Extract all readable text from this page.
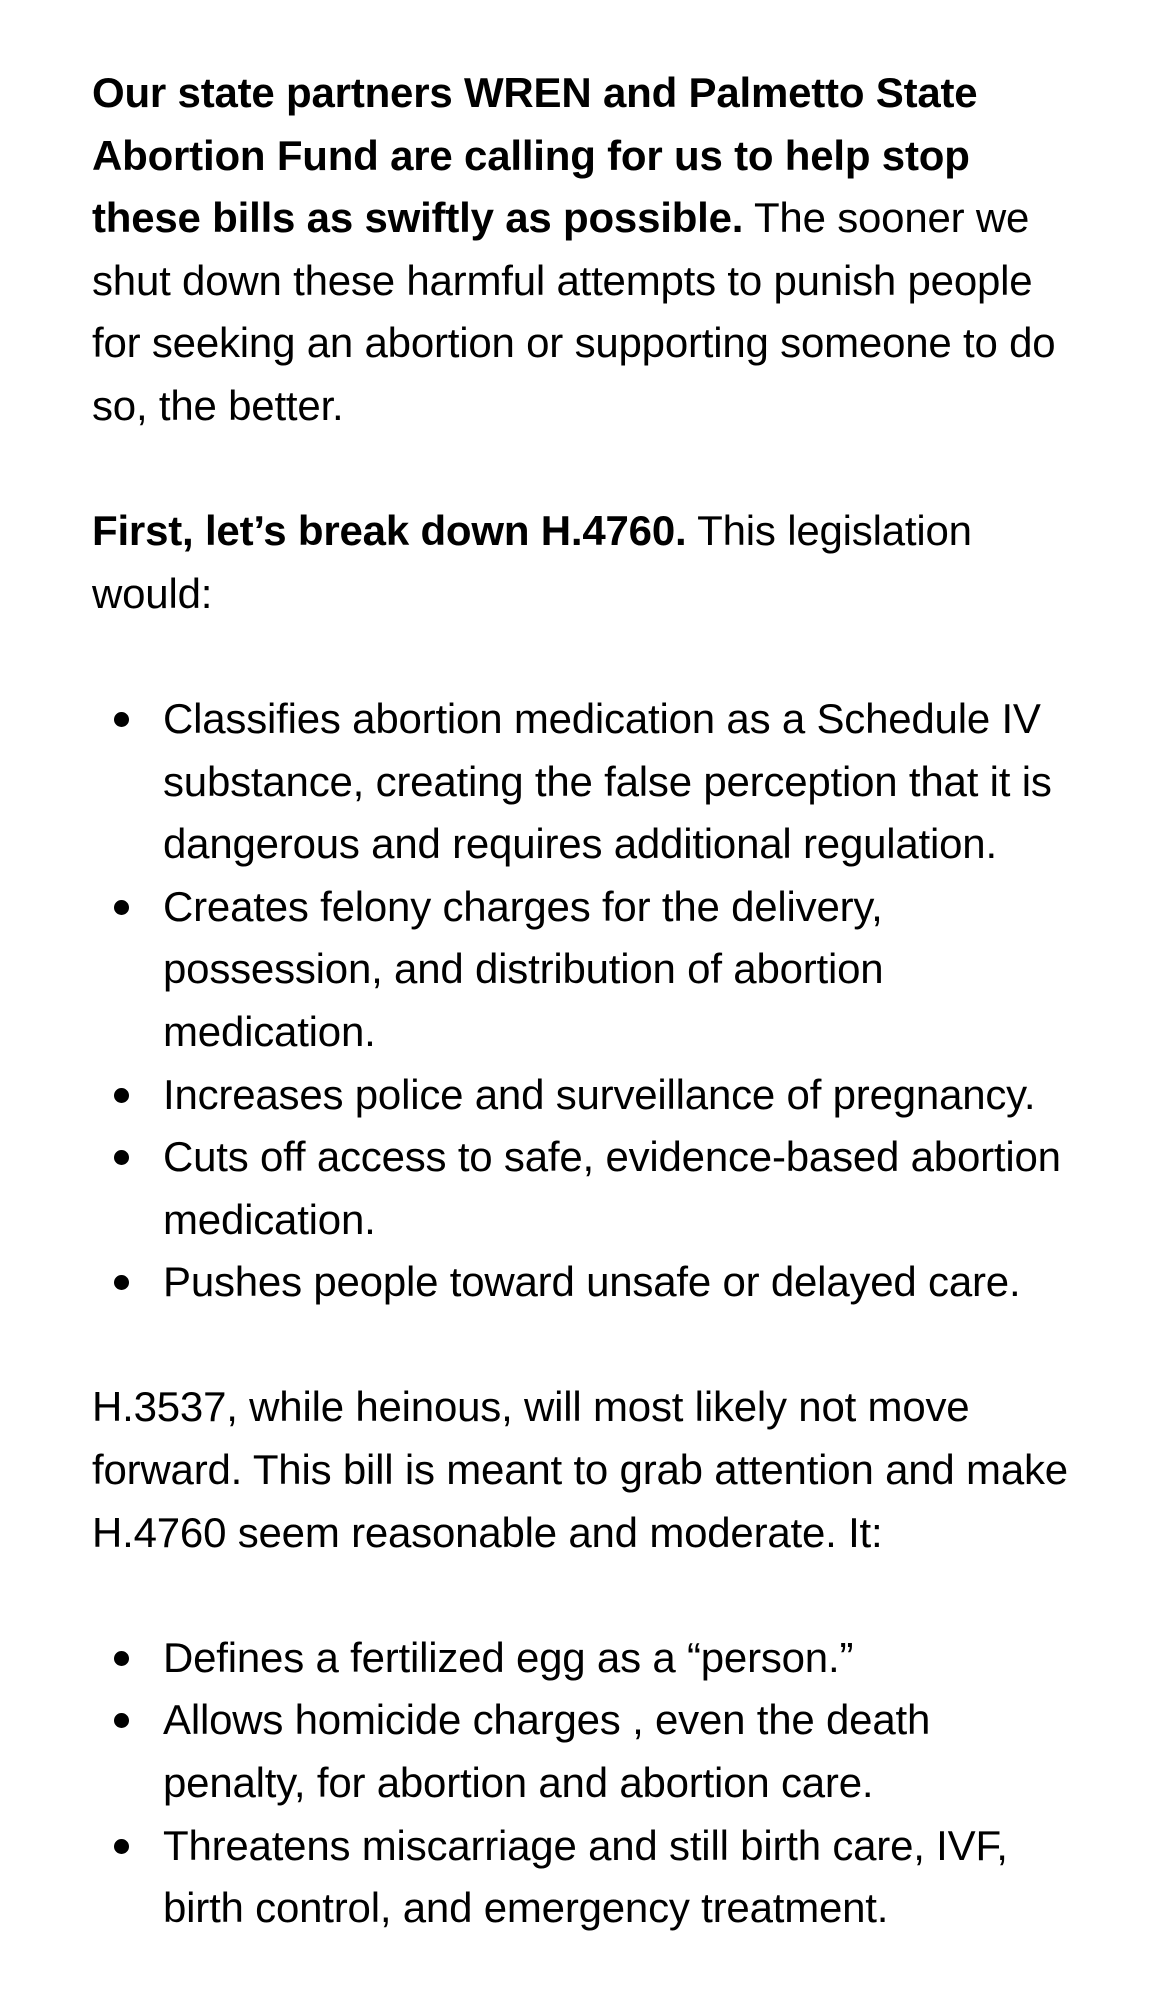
Our state partners WREN and Palmetto State
Abortion Fund are calling for us to help stop
these bills as swiftly as possible. The sooner we
shut down these harmful attempts to punish people
for seeking an abortion or supporting someone to do
so, the better.
First, let’s break down H.4760. This legislation
would:
Classifies abortion medication as a Schedule IV
substance, creating the false perception that it is
dangerous and requires additional regulation.
Creates felony charges for the delivery,
possession, and distribution of abortion
medication.
Increases police and surveillance of pregnancy.
Cuts off access to safe, evidence-based abortion
medication.
Pushes people toward unsafe or delayed care.
H.3537, while heinous, will most likely not move
forward. This bill is meant to grab attention and make
H.4760 seem reasonable and moderate. It:
Defines a fertilized egg as a “person.”
Allows homicide charges , even the death
penalty, for abortion and abortion care.
Threatens miscarriage and still birth care, IVF,
birth control, and emergency treatment.
